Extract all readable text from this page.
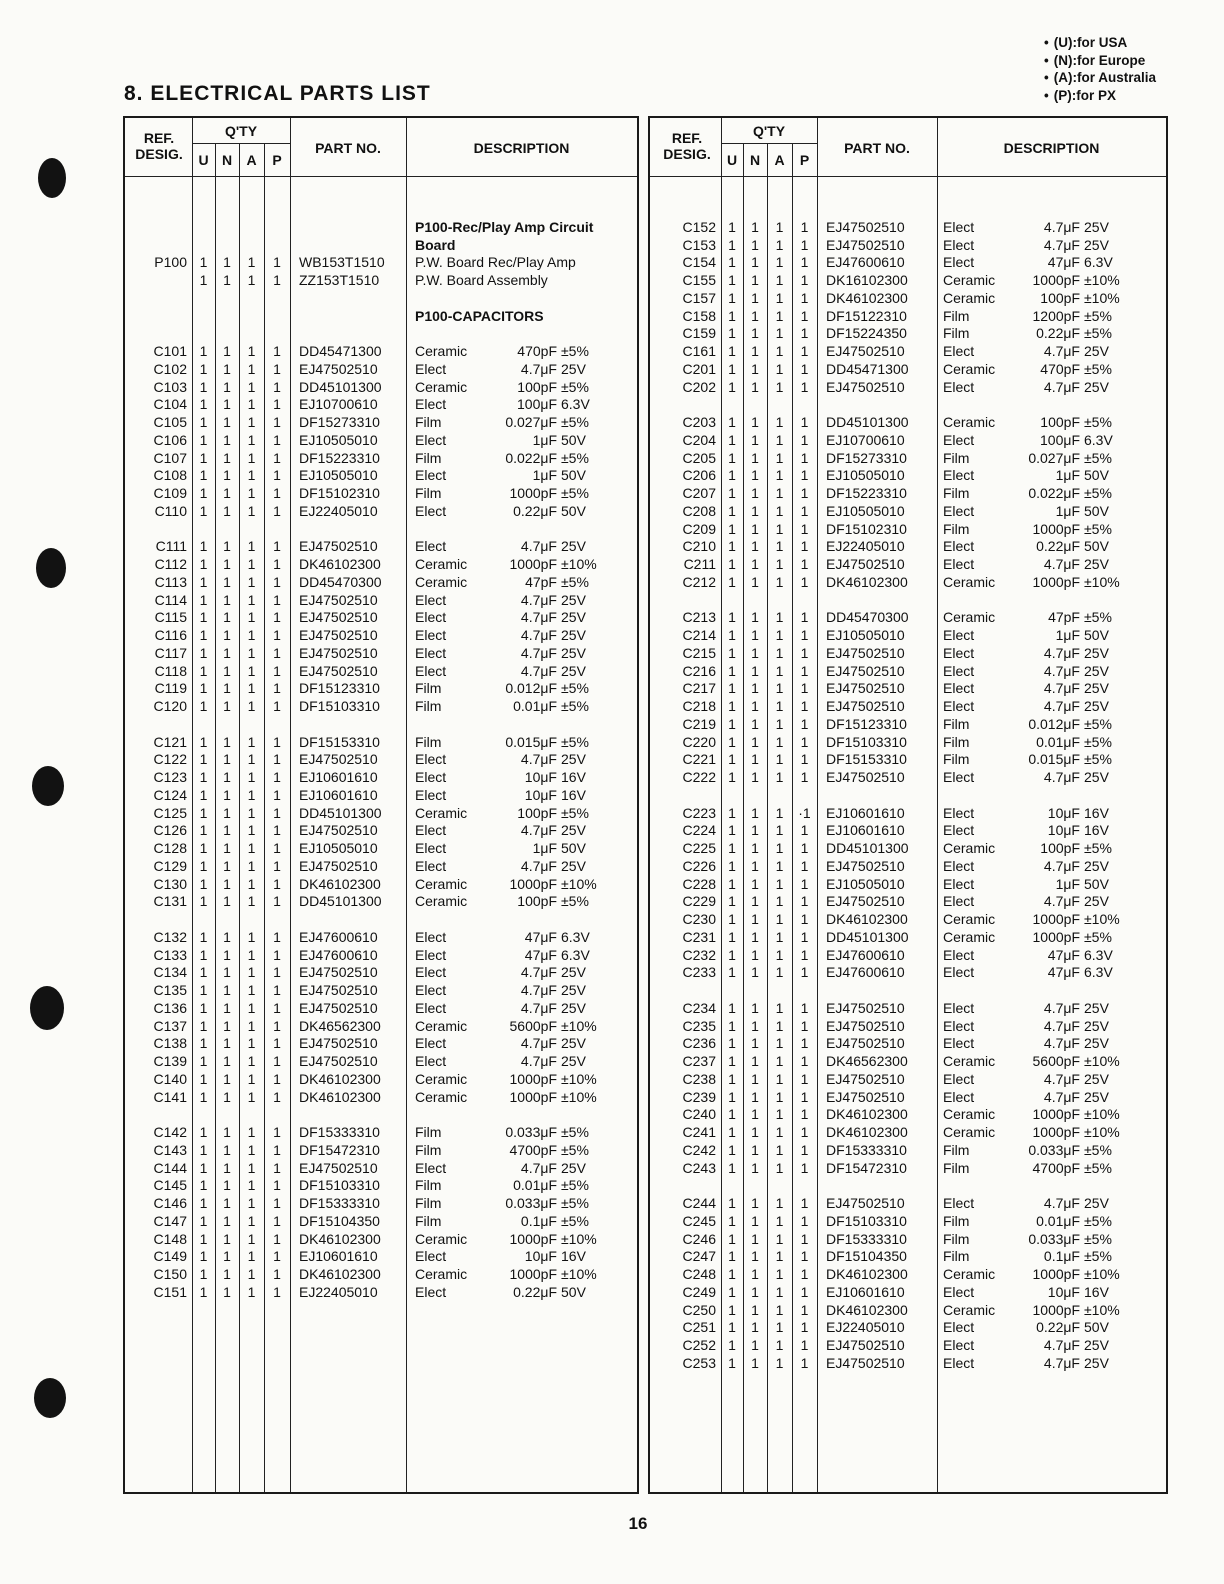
8. ELECTRICAL PARTS LIST
• (U):for USA
• (N):for Europe
• (A):for Australia
• (P):for PX
REF. DESIG.
Q'TY
U N	A	P
PART NO.	DESCRIPTION
P100-Rec/Play Amp Circuit
Board
P100 1	1	1	1	WB153T1510 P.W. Board Rec/Play Amp
1	1	1	1	ZZ153T1510	P.W. Board Assembly
P100-CAPACITORS
C101 1	1	1	1	DD45471300 Ceramic	470pF ±5%
C102 1	1	1	1	EJ47502510	Elect	4.7μF 25V
C103 1	1	1	1	DD45101300 Ceramic	100pF ±5%
C104 1	1	1	1	EJ10700610	Elect	100μF 6.3V
C105 1	1	1	1	DF15273310	Film	0.027μF ±5%
C106 1	1	1	1	EJ10505010	Elect	1μF 50V
C107 1	1	1	1	DF15223310	Film	0.022μF ±5%
C108 1	1	1	1	EJ10505010	Elect	1μF 50V
C109 1	1	1	1	DF15102310	Film	1000pF ±5%
C110 1	1	1	1	EJ22405010	Elect	0.22μF 50V
C111 1	1	1	1	EJ47502510	Elect	4.7μF 25V
C112 1	1	1	1	DK46102300 Ceramic	1000pF ±10%
C113 1	1	1	1	DD45470300 Ceramic	47pF ±5%
C114 1	1	1	1	EJ47502510	Elect	4.7μF 25V
C115 1	1	1	1	EJ47502510	Elect	4.7μF 25V
C116 1	1	1	1	EJ47502510	Elect	4.7μF 25V
C117 1	1	1	1	EJ47502510	Elect	4.7μF 25V
C118 1	1	1	1	EJ47502510	Elect	4.7μF 25V
C119 1	1	1	1	DF15123310	Film	0.012μF ±5%
C120 1	1	1	1	DF15103310	Film	0.01μF ±5%
C121 1	1	1	1	DF15153310	Film	0.015μF ±5%
C122 1	1	1	1	EJ47502510	Elect	4.7μF 25V
C123 1	1	1	1	EJ10601610	Elect	10μF 16V
C124 1	1	1	1	EJ10601610	Elect	10μF 16V
C125 1	1	1	1	DD45101300 Ceramic	100pF ±5%
C126 1	1	1	1	EJ47502510	Elect	4.7μF 25V
C128 1	1	1	1	EJ10505010	Elect	1μF 50V
C129 1	1	1	1	EJ47502510	Elect	4.7μF 25V
C130 1	1	1	1	DK46102300 Ceramic	1000pF ±10%
C131 1	1	1	1	DD45101300 Ceramic	100pF ±5%
C132 1	1	1	1	EJ47600610	Elect	47μF 6.3V
C133 1	1	1	1	EJ47600610	Elect	47μF 6.3V
C134 1	1	1	1	EJ47502510	Elect	4.7μF 25V
C135 1	1	1	1	EJ47502510	Elect	4.7μF 25V
C136 1	1	1	1	EJ47502510	Elect	4.7μF 25V
C137 1	1	1	1	DK46562300 Ceramic	5600pF ±10%
C138 1	1	1	1	EJ47502510	Elect	4.7μF 25V
C139 1	1	1	1	EJ47502510	Elect	4.7μF 25V
C140 1	1	1	1	DK46102300 Ceramic	1000pF ±10%
C141 1	1	1	1	DK46102300 Ceramic	1000pF ±10%
C142 1	1	1	1	DF15333310	Film	0.033μF ±5%
C143 1	1	1	1	DF15472310	Film	4700pF ±5%
C144 1	1	1	1	EJ47502510	Elect	4.7μF 25V
C145 1	1	1	1	DF15103310	Film	0.01μF ±5%
C146 1	1	1	1	DF15333310	Film	0.033μF ±5%
C147 1	1	1	1	DF15104350	Film	0.1μF ±5%
C148 1	1	1	1	DK46102300 Ceramic	1000pF ±10%
C149 1	1	1	1	EJ10601610	Elect	10μF 16V
C150 1	1	1	1	DK46102300 Ceramic	1000pF ±10%
C151 1	1	1	1	EJ22405010	Elect	0.22μF 50V
REF. DESIG.
Q'TY
U N	A	P
PART NO.	DESCRIPTION
C152 1	1	1	1	EJ47502510	Elect	4.7μF 25V
C153 1	1	1	1	EJ47502510	Elect	4.7μF 25V
C154 1	1	1	1	EJ47600610	Elect	47μF 6.3V
C155 1	1	1	1	DK16102300	Ceramic	1000pF ±10%
C157 1	1	1	1	DK46102300	Ceramic	100pF ±10%
C158 1	1	1	1	DF15122310	Film	1200pF ±5%
C159 1	1	1	1	DF15224350	Film	0.22μF ±5%
C161 1	1	1	1	EJ47502510	Elect	4.7μF 25V
C201 1	1	1	1	DD45471300 Ceramic	470pF ±5%
C202 1	1	1	1	EJ47502510	Elect	4.7μF 25V
C203 1	1	1	1	DD45101300 Ceramic	100pF ±5%
C204 1	1	1	1	EJ10700610	Elect	100μF 6.3V
C205 1	1	1	1	DF15273310	Film	0.027μF ±5%
C206 1	1	1	1	EJ10505010	Elect	1μF 50V
C207 1	1	1	1	DF15223310	Film	0.022μF ±5%
C208 1	1	1	1	EJ10505010	Elect	1μF 50V
C209 1	1	1	1	DF15102310	Film	1000pF ±5%
C210 1	1	1	1	EJ22405010	Elect	0.22μF 50V
C211 1	1	1	1	EJ47502510	Elect	4.7μF 25V
C212 1	1	1	1	DK46102300	Ceramic	1000pF ±10%
C213 1	1	1	1	DD45470300 Ceramic	47pF ±5%
C214 1	1	1	1	EJ10505010	Elect	1μF 50V
C215 1	1	1	1	EJ47502510	Elect	4.7μF 25V
C216 1	1	1	1	EJ47502510	Elect	4.7μF 25V
C217 1	1	1	1	EJ47502510	Elect	4.7μF 25V
C218 1	1	1	1	EJ47502510	Elect	4.7μF 25V
C219 1	1	1	1	DF15123310	Film	0.012μF ±5%
C220 1	1	1	1	DF15103310	Film	0.01μF ±5%
C221 1	1	1	1	DF15153310	Film	0.015μF ±5%
C222 1	1	1	1	EJ47502510	Elect	4.7μF 25V
C223 1	1	1	·1	EJ10601610	Elect	10μF 16V
C224 1	1	1	1	EJ10601610	Elect	10μF 16V
C225 1	1	1	1	DD45101300 Ceramic	100pF ±5%
C226 1	1	1	1	EJ47502510	Elect	4.7μF 25V
C228 1	1	1	1	EJ10505010	Elect	1μF 50V
C229 1	1	1	1	EJ47502510	Elect	4.7μF 25V
C230 1	1	1	1	DK46102300	Ceramic	1000pF ±10%
C231 1	1	1	1	DD45101300 Ceramic	1000pF ±5%
C232 1	1	1	1	EJ47600610	Elect	47μF 6.3V
C233 1	1	1	1	EJ47600610	Elect	47μF 6.3V
C234 1	1	1	1	EJ47502510	Elect	4.7μF 25V
C235 1	1	1	1	EJ47502510	Elect	4.7μF 25V
C236 1	1	1	1	EJ47502510	Elect	4.7μF 25V
C237 1	1	1	1	DK46562300	Ceramic	5600pF ±10%
C238 1	1	1	1	EJ47502510	Elect	4.7μF 25V
C239 1	1	1	1	EJ47502510	Elect	4.7μF 25V
C240 1	1	1	1	DK46102300	Ceramic	1000pF ±10%
C241 1	1	1	1	DK46102300	Ceramic	1000pF ±10%
C242 1	1	1	1	DF15333310	Film	0.033μF ±5%
C243 1	1	1	1	DF15472310	Film	4700pF ±5%
C244 1	1	1	1	EJ47502510	Elect	4.7μF 25V
C245 1	1	1	1	DF15103310	Film	0.01μF ±5%
C246 1	1	1	1	DF15333310	Film	0.033μF ±5%
C247 1	1	1	1	DF15104350	Film	0.1μF ±5%
C248 1	1	1	1	DK46102300	Ceramic	1000pF ±10%
C249 1	1	1	1	EJ10601610	Elect	10μF 16V
C250 1	1	1	1	DK46102300	Ceramic	1000pF ±10%
C251 1	1	1	1	EJ22405010	Elect	0.22μF 50V
C252 1	1	1	1	EJ47502510	Elect	4.7μF 25V
C253 1	1	1	1	EJ47502510	Elect	4.7μF 25V
16
